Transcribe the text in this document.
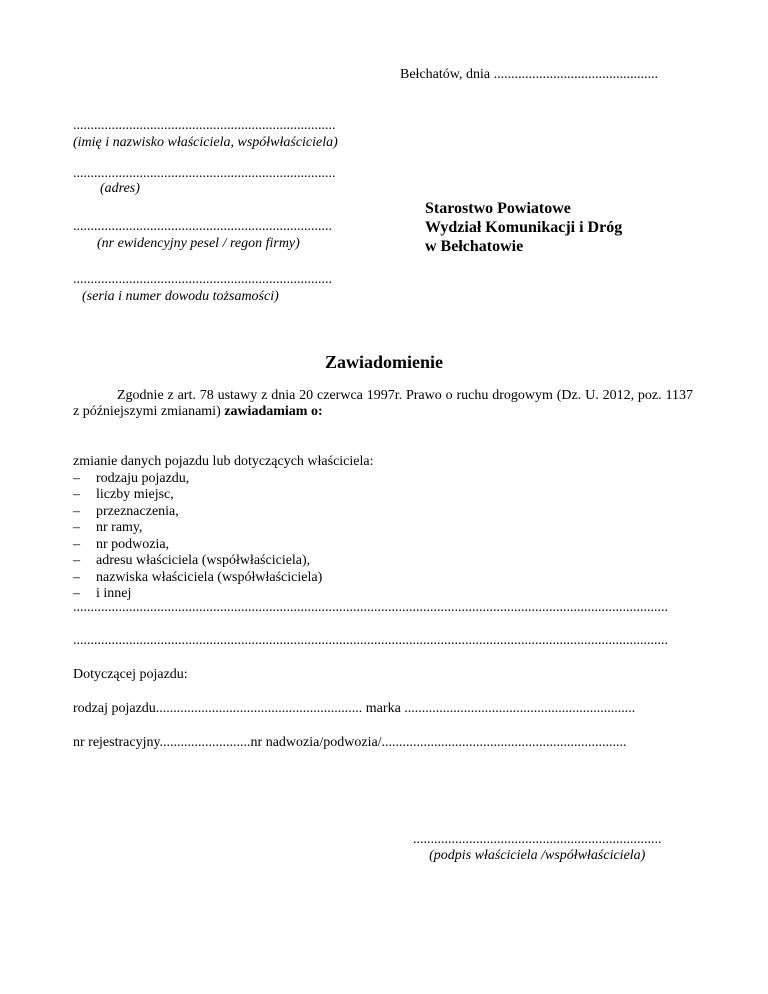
Bełchatów, dnia ...............................................
...........................................................................
(imię i nazwisko właściciela, współwłaściciela)
...........................................................................
(adres)
..........................................................................
(nr ewidencyjny pesel / regon firmy)
..........................................................................
(seria i numer dowodu tożsamości)
Starostwo Powiatowe
Wydział Komunikacji i Dróg
w Bełchatowie
Zawiadomienie
Zgodnie z art. 78 ustawy z dnia 20 czerwca 1997r. Prawo o ruchu drogowym (Dz. U. 2012, poz. 1137 z późniejszymi zmianami) zawiadamiam o:
zmianie danych pojazdu lub dotyczących właściciela:
–	rodzaju pojazdu,
–	liczby miejsc,
–	przeznaczenia,
–	nr ramy,
–	nr podwozia,
–	adresu właściciela (współwłaściciela),
–	nazwiska właściciela (współwłaściciela)
–	i innej
..........................................................................................................................................................................
..........................................................................................................................................................................
Dotyczącej pojazdu:
rodzaj pojazdu........................................................... marka ..................................................................
nr rejestracyjny..........................nr nadwozia/podwozia/......................................................................
.......................................................................
(podpis właściciela /współwłaściciela)
